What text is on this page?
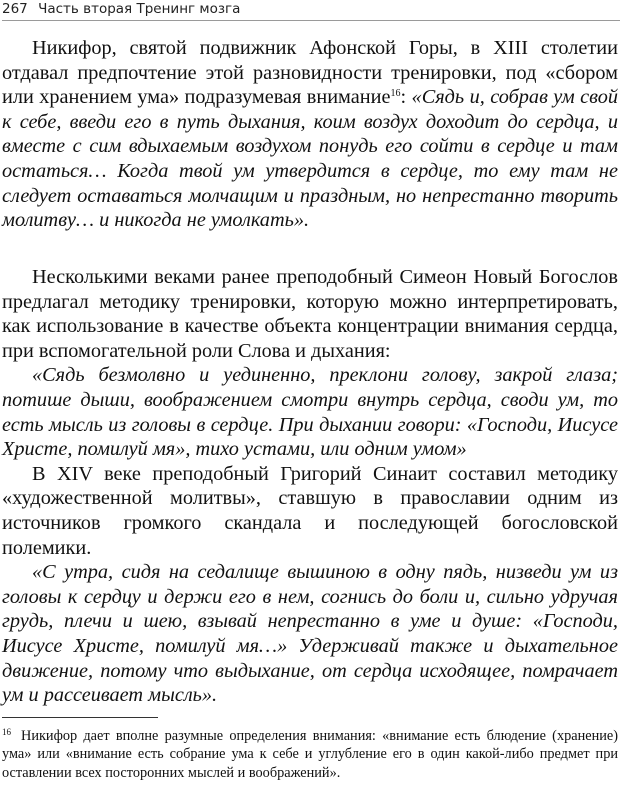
267 Часть вторая Тренинг мозга

Никифор, святой подвижник Афонской Горы, в XIII столетии отдавал предпочтение этой разновидности тренировки, под «сбором или хранением ума» подразумевая внимание$^{16}$: «Сядь и, собрав ум свой к себе, введи его в путь дыхания, коим воздух доходит до сердца, и вместе с сим вдыхаемым воздухом понудь его сойти в сердце и там остаться… Когда твой ум утвердится в сердце, то ему там не следует оставаться молчащим и праздным, но непрестанно творить молитву… и никогда не умолкать».

Несколькими веками ранее преподобный Симеон Новый Богослов предлагал методику тренировки, которую можно интерпретировать, как использование в качестве объекта концентрации внимания сердца, при вспомогательной роли Слова и дыхания:

«Сядь безмолвно и уединенно, преклони голову, закрой глаза; потише дыши, воображением смотри внутрь сердца, своди ум, то есть мысль из головы в сердце. При дыхании говори: «Господи, Иисусе Христе, помилуй мя», тихо устами, или одним умом»

В XIV веке преподобный Григорий Синаит составил методику «художественной молитвы», ставшую в православии одним из источников громкого скандала и последующей богословской полемики.

«С утра, сидя на седалище вышиною в одну пядь, низведи ум из головы к сердцу и держи его в нем, согнись до боли и, сильно удручая грудь, плечи и шею, взывай непрестанно в уме и душе: «Господи, Иисусе Христе, помилуй мя…» Удерживай также и дыхательное движение, потому что выдыхание, от сердца исходящее, помрачает ум и рассеивает мысль».

$^{16}$ Никифор дает вполне разумные определения внимания: «внимание есть блюдение (хранение) ума» или «внимание есть собрание ума к себе и углубление его в один какой-либо предмет при оставлении всех посторонних мыслей и воображений».
